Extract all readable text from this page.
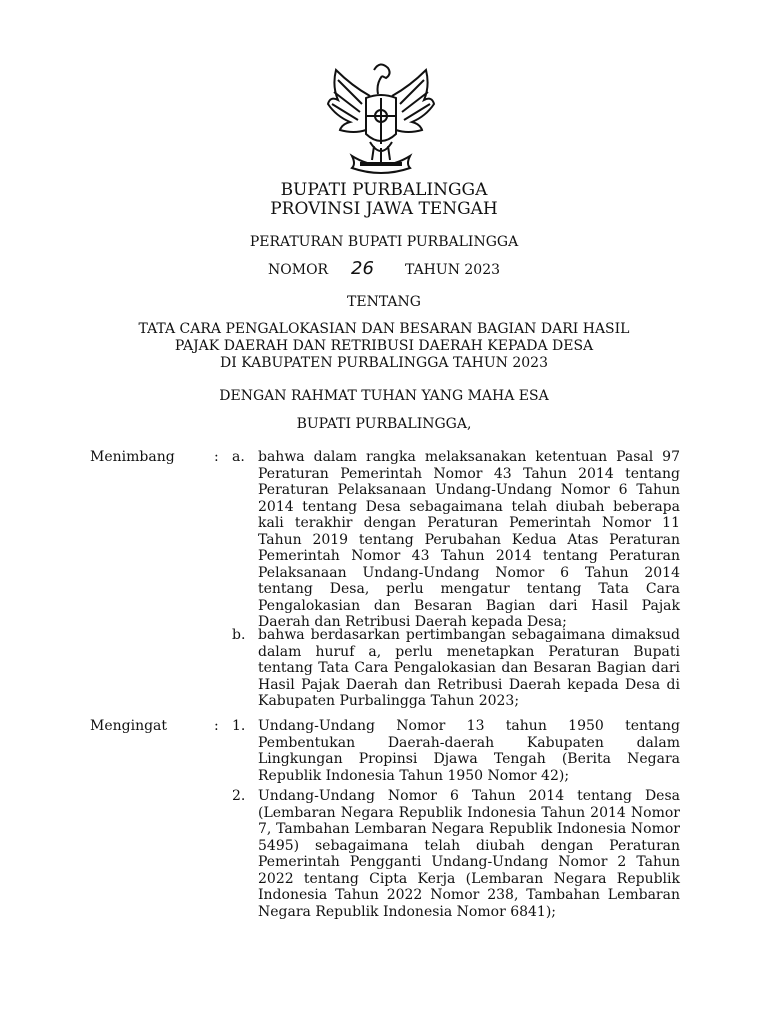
BUPATI PURBALINGGA
PROVINSI JAWA TENGAH
PERATURAN BUPATI PURBALINGGA
NOMOR 26 TAHUN 2023
TENTANG
TATA CARA PENGALOKASIAN DAN BESARAN BAGIAN DARI HASIL
PAJAK DAERAH DAN RETRIBUSI DAERAH KEPADA DESA
DI KABUPATEN PURBALINGGA TAHUN 2023
DENGAN RAHMAT TUHAN YANG MAHA ESA
BUPATI PURBALINGGA,
Menimbang	: a. bahwa dalam rangka melaksanakan ketentuan Pasal 97 Peraturan Pemerintah Nomor 43 Tahun 2014 tentang Peraturan Pelaksanaan Undang-Undang Nomor 6 Tahun 2014 tentang Desa sebagaimana telah diubah beberapa kali terakhir dengan Peraturan Pemerintah Nomor 11 Tahun 2019 tentang Perubahan Kedua Atas Peraturan Pemerintah Nomor 43 Tahun 2014 tentang Peraturan Pelaksanaan Undang-Undang Nomor 6 Tahun 2014 tentang Desa, perlu mengatur tentang Tata Cara Pengalokasian dan Besaran Bagian dari Hasil Pajak Daerah dan Retribusi Daerah kepada Desa;
b. bahwa berdasarkan pertimbangan sebagaimana dimaksud dalam huruf a, perlu menetapkan Peraturan Bupati tentang Tata Cara Pengalokasian dan Besaran Bagian dari Hasil Pajak Daerah dan Retribusi Daerah kepada Desa di Kabupaten Purbalingga Tahun 2023;
Mengingat	: 1. Undang-Undang Nomor 13 tahun 1950 tentang Pembentukan Daerah-daerah Kabupaten dalam Lingkungan Propinsi Djawa Tengah (Berita Negara Republik Indonesia Tahun 1950 Nomor 42);
2. Undang-Undang Nomor 6 Tahun 2014 tentang Desa (Lembaran Negara Republik Indonesia Tahun 2014 Nomor 7, Tambahan Lembaran Negara Republik Indonesia Nomor 5495) sebagaimana telah diubah dengan Peraturan Pemerintah Pengganti Undang-Undang Nomor 2 Tahun 2022 tentang Cipta Kerja (Lembaran Negara Republik Indonesia Tahun 2022 Nomor 238, Tambahan Lembaran Negara Republik Indonesia Nomor 6841);
